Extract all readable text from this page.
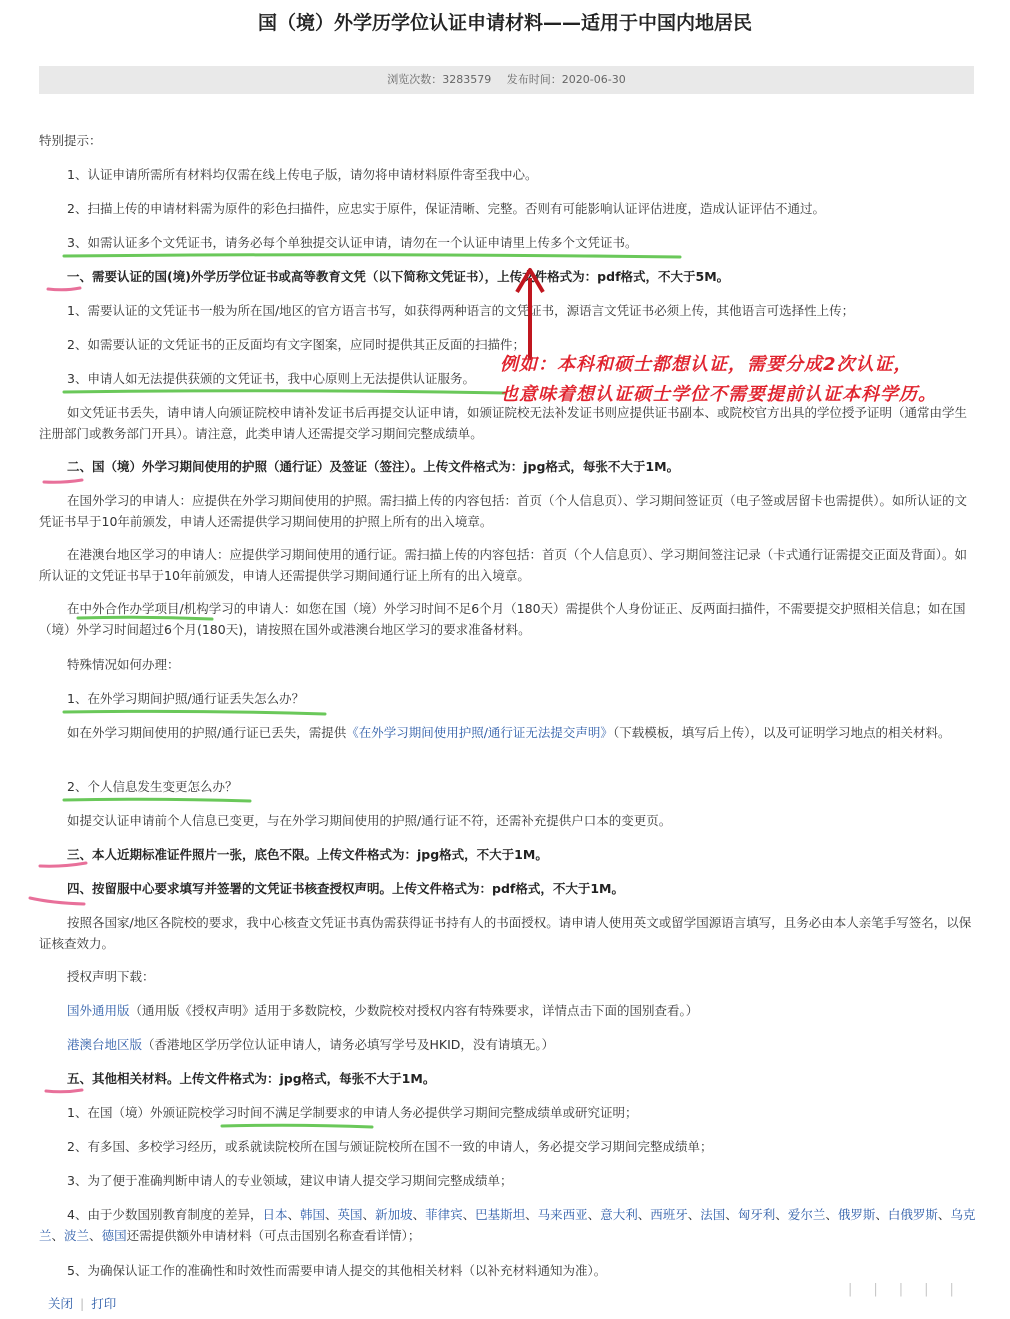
国（境）外学历学位认证申请材料——适用于中国内地居民
浏览次数：3283579 发布时间：2020-06-30

特别提示：

1、认证申请所需所有材料均仅需在线上传电子版，请勿将申请材料原件寄至我中心。

2、扫描上传的申请材料需为原件的彩色扫描件，应忠实于原件，保证清晰、完整。否则有可能影响认证评估进度，造成认证评估不通过。

3、如需认证多个文凭证书，请务必每个单独提交认证申请，请勿在一个认证申请里上传多个文凭证书。

一、需要认证的国(境)外学历学位证书或高等教育文凭（以下简称文凭证书），上传文件格式为：pdf格式，不大于5M。

1、需要认证的文凭证书一般为所在国/地区的官方语言书写，如获得两种语言的文凭证书，源语言文凭证书必须上传，其他语言可选择性上传；

2、如需要认证的文凭证书的正反面均有文字图案，应同时提供其正反面的扫描件；

3、申请人如无法提供获颁的文凭证书，我中心原则上无法提供认证服务。

如文凭证书丢失，请申请人向颁证院校申请补发证书后再提交认证申请，如颁证院校无法补发证书则应提供证书副本、或院校官方出具的学位授予证明（通常由学生注册部门或教务部门开具）。请注意，此类申请人还需提交学习期间完整成绩单。

二、国（境）外学习期间使用的护照（通行证）及签证（签注）。上传文件格式为：jpg格式，每张不大于1M。

在国外学习的申请人：应提供在外学习期间使用的护照。需扫描上传的内容包括：首页（个人信息页）、学习期间签证页（电子签或居留卡也需提供）。如所认证的文凭证书早于10年前颁发，申请人还需提供学习期间使用的护照上所有的出入境章。

在港澳台地区学习的申请人：应提供学习期间使用的通行证。需扫描上传的内容包括：首页（个人信息页）、学习期间签注记录（卡式通行证需提交正面及背面）。如所认证的文凭证书早于10年前颁发，申请人还需提供学习期间通行证上所有的出入境章。

在中外合作办学项目/机构学习的申请人：如您在国（境）外学习时间不足6个月（180天）需提供个人身份证正、反两面扫描件，不需要提交护照相关信息；如在国（境）外学习时间超过6个月(180天)，请按照在国外或港澳台地区学习的要求准备材料。

特殊情况如何办理：

1、在外学习期间护照/通行证丢失怎么办？

如在外学习期间使用的护照/通行证已丢失，需提供《在外学习期间使用护照/通行证无法提交声明》（下载模板，填写后上传），以及可证明学习地点的相关材料。

2、个人信息发生变更怎么办？

如提交认证申请前个人信息已变更，与在外学习期间使用的护照/通行证不符，还需补充提供户口本的变更页。

三、本人近期标准证件照片一张，底色不限。上传文件格式为：jpg格式，不大于1M。

四、按留服中心要求填写并签署的文凭证书核查授权声明。上传文件格式为：pdf格式，不大于1M。

按照各国家/地区各院校的要求，我中心核查文凭证书真伪需获得证书持有人的书面授权。请申请人使用英文或留学国源语言填写，且务必由本人亲笔手写签名，以保证核查效力。

授权声明下载：

国外通用版（通用版《授权声明》适用于多数院校，少数院校对授权内容有特殊要求，详情点击下面的国别查看。）

港澳台地区版（香港地区学历学位认证申请人，请务必填写学号及HKID，没有请填无。）

五、其他相关材料。上传文件格式为：jpg格式，每张不大于1M。

1、在国（境）外颁证院校学习时间不满足学制要求的申请人务必提供学习期间完整成绩单或研究证明；

2、有多国、多校学习经历，或系就读院校所在国与颁证院校所在国不一致的申请人，务必提交学习期间完整成绩单；

3、为了便于准确判断申请人的专业领域，建议申请人提交学习期间完整成绩单；

4、由于少数国别教育制度的差异，日本、韩国、英国、新加坡、菲律宾、巴基斯坦、马来西亚、意大利、西班牙、法国、匈牙利、爱尔兰、俄罗斯、白俄罗斯、乌克兰、波兰、德国还需提供额外申请材料（可点击国别名称查看详情）；

5、为确保认证工作的准确性和时效性而需要申请人提交的其他相关材料（以补充材料通知为准）。

例如：本科和硕士都想认证，需要分成2次认证，

也意味着想认证硕士学位不需要提前认证本科学历。

|||||
关闭 | 打印
